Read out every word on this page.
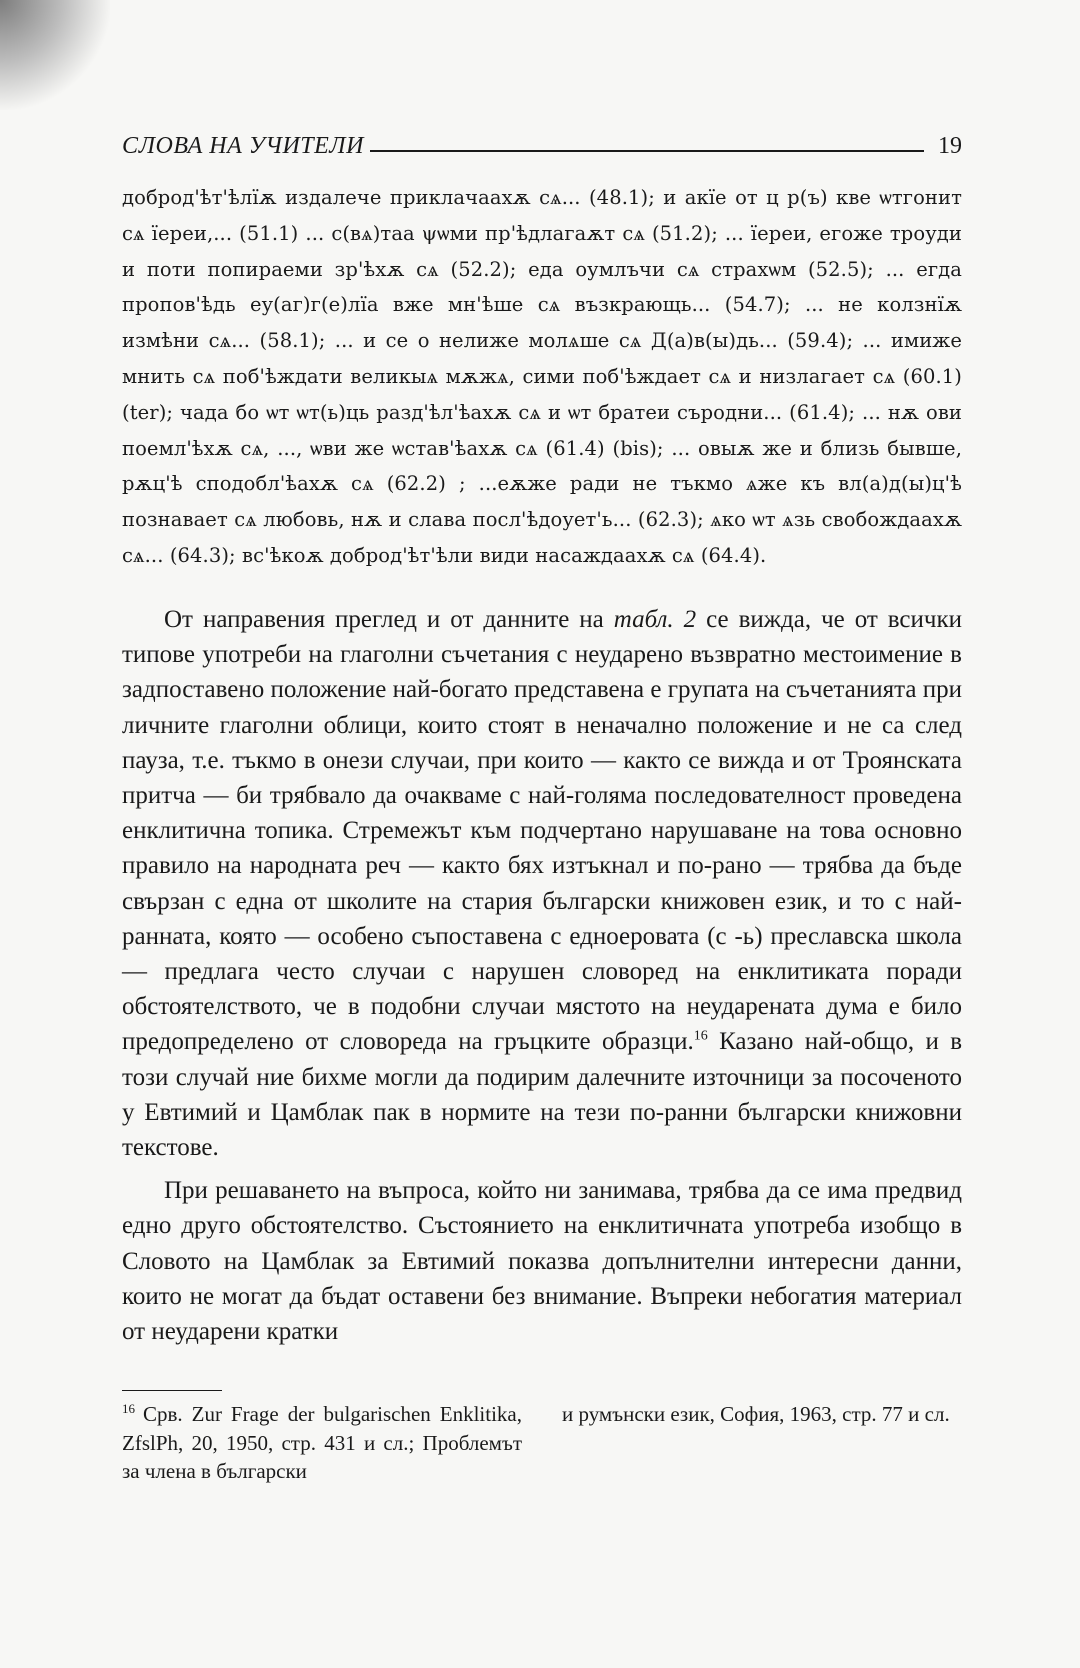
СЛОВА НА УЧИТЕЛИ	19
доброд'ѣт'ѣлїѫ издалече приклачаахѫ сѧ... (48.1); и акїе от ц р(ъ) кве ѡтгонит сѧ їереи,... (51.1) ... с(вѧ)таа ψѡми пр'ѣдлагаѫт сѧ (51.2); ... їереи, егоже троуди и поти попираеми зр'ѣхѫ сѧ (52.2); еда оумлъчи сѧ страхѡм (52.5); ... егда пропов'ѣдь еу(аг)г(е)лїа вже мн'ѣше сѧ възкрающь... (54.7); ... не колзнїѫ измѣни сѧ... (58.1); ... и се о нелиже молѧше сѧ Д(а)в(ы)дь... (59.4); ... имиже мнить сѧ поб'ѣждати великыѧ мѫжѧ, сими поб'ѣждает сѧ и низлагает сѧ (60.1) (ter); чада бо ѡт ѡт(ь)ць разд'ѣл'ѣахѫ сѧ и ѡт братеи съродни... (61.4); ... нѫ ови поемл'ѣхѫ сѧ, ..., ѡви же ѡстав'ѣахѫ сѧ (61.4) (bis); ... овыѫ же и близь бывше, рѫц'ѣ сподобл'ѣахѫ сѧ (62.2) ; ...еѫже ради не тъкмо ѧже къ вл(а)д(ы)ц'ѣ познавает сѧ любовь, нѫ и слава посл'ѣдоует'ь... (62.3); ѧко ѡт ѧзь свобождаахѫ сѧ... (64.3); вс'ѣкоѫ доброд'ѣт'ѣли види насаждаахѫ сѧ (64.4).

От направения преглед и от данните на табл. 2 се вижда, че от всички типове употреби на глаголни съчетания с неударено възвратно местоимение в задпоставено положение най-богато представена е групата на съчетанията при личните глаголни облици, които стоят в неначално положение и не са след пауза, т.е. тъкмо в онези случаи, при които — както се вижда и от Троянската притча — би трябвало да очакваме с най-голяма последователност проведена енклитична топика. Стремежът към подчертано нарушаване на това основно правило на народната реч — както бях изтъкнал и по-рано — трябва да бъде свързан с една от школите на стария български книжовен език, и то с най-ранната, която — особено съпоставена с едноеровата (с -ь) преславска школа — предлага често случаи с нарушен словоред на енклитиката поради обстоятелството, че в подобни случаи мястото на неударената дума е било предопределено от словореда на гръцките образци.$^{16}$ Казано най-общо, и в този случай ние бихме могли да подирим далечните източници за посоченото у Евтимий и Цамблак пак в нормите на тези по-ранни български книжовни текстове.

При решаването на въпроса, който ни занимава, трябва да се има предвид едно друго обстоятелство. Състоянието на енклитичната употреба изобщо в Словото на Цамблак за Евтимий показва допълнителни интересни данни, които не могат да бъдат оставени без внимание. Въпреки небогатия материал от неударени кратки

$^{16}$ Срв. Zur Frage der bulgarischen Enklitika, ZfslPh, 20, 1950, стр. 431 и сл.; Проблемът за члена в български
и румънски език, София, 1963, стр. 77 и сл.
